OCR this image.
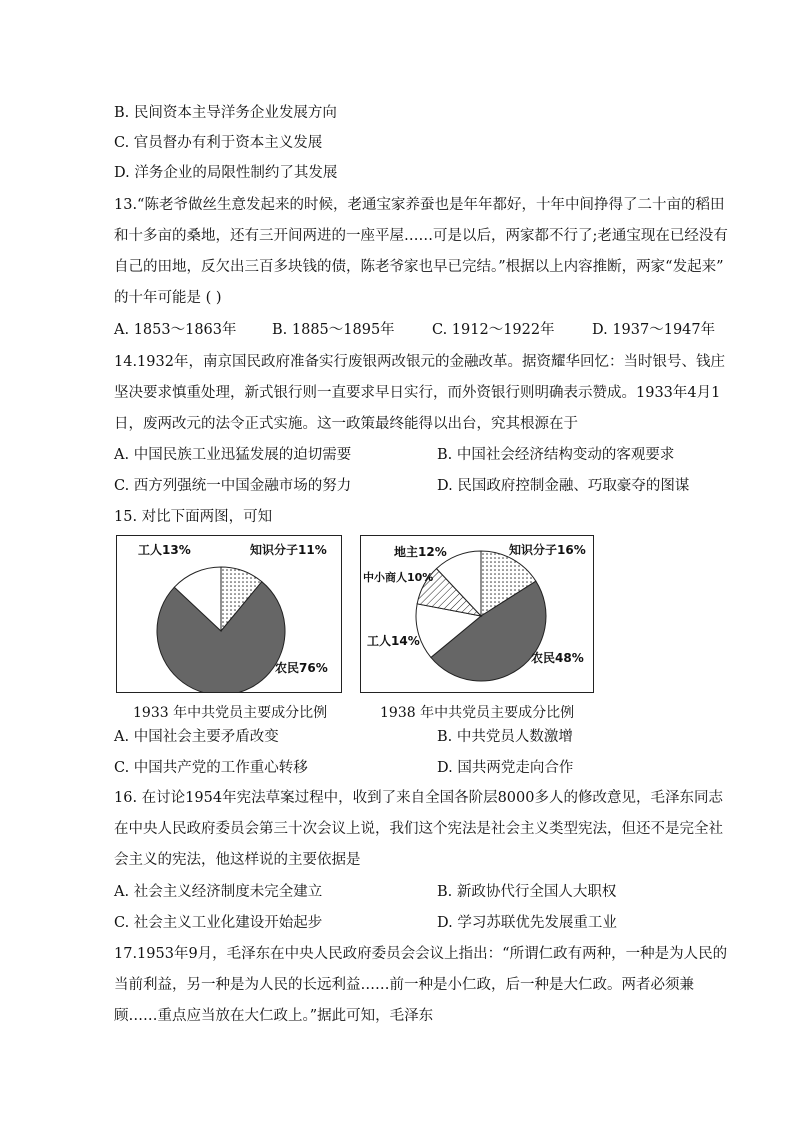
B. 民间资本主导洋务企业发展方向
C. 官员督办有利于资本主义发展
D. 洋务企业的局限性制约了其发展
13.“陈老爷做丝生意发起来的时候，老通宝家养蚕也是年年都好，十年中间挣得了二十亩的稻田
和十多亩的桑地，还有三开间两进的一座平屋……可是以后，两家都不行了;老通宝现在已经没有
自己的田地，反欠出三百多块钱的债，陈老爷家也早已完结。”根据以上内容推断，两家“发起来”
的十年可能是 ( )
A. 1853～1863年 B. 1885～1895年	C. 1912～1922年	D. 1937～1947年
14.1932年，南京国民政府准备实行废银两改银元的金融改革。据资耀华回忆：当时银号、钱庄
坚决要求慎重处理，新式银行则一直要求早日实行，而外资银行则明确表示赞成。1933年4月1
日，废两改元的法令正式实施。这一政策最终能得以出台，究其根源在于
A. 中国民族工业迅猛发展的迫切需要	B. 中国社会经济结构变动的客观要求
C. 西方列强统一中国金融市场的努力	D. 民国政府控制金融、巧取豪夺的图谋
15. 对比下面两图，可知
工人13%	知识分子11%
农民76%
地主12%	知识分子16%
中小商人10%
工人14%
农民48%
1933 年中共党员主要成分比例	1938 年中共党员主要成分比例
A. 中国社会主要矛盾改变	B. 中共党员人数激增
C. 中国共产党的工作重心转移	D. 国共两党走向合作
16. 在讨论1954年宪法草案过程中，收到了来自全国各阶层8000多人的修改意见，毛泽东同志
在中央人民政府委员会第三十次会议上说，我们这个宪法是社会主义类型宪法，但还不是完全社
会主义的宪法，他这样说的主要依据是
A. 社会主义经济制度未完全建立	B. 新政协代行全国人大职权
C. 社会主义工业化建设开始起步	D. 学习苏联优先发展重工业
17.1953年9月，毛泽东在中央人民政府委员会会议上指出：“所谓仁政有两种，一种是为人民的
当前利益，另一种是为人民的长远利益……前一种是小仁政，后一种是大仁政。两者必须兼
顾……重点应当放在大仁政上。”据此可知，毛泽东
